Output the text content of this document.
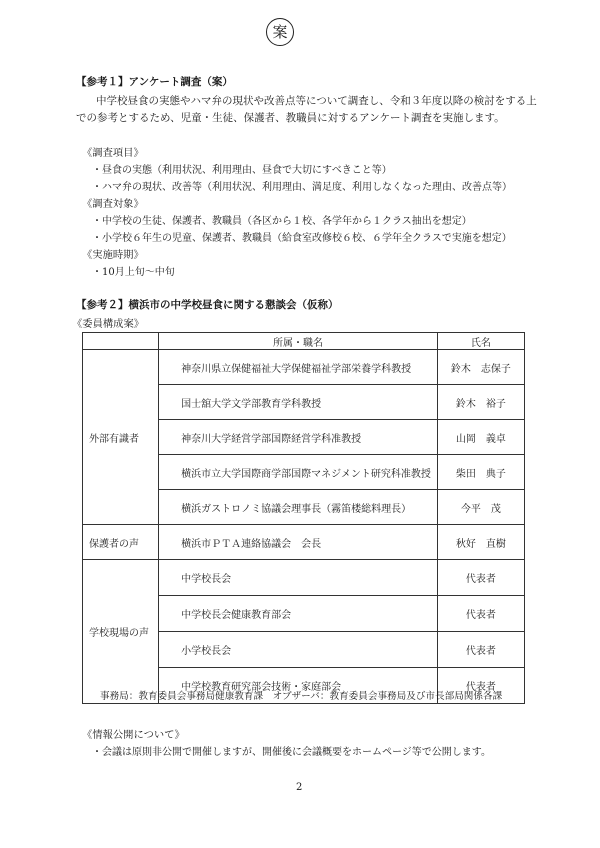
案
【参考１】アンケート調査（案）
中学校昼食の実態やハマ弁の現状や改善点等について調査し、令和３年度以降の検討をする上
での参考とするため、児童・生徒、保護者、教職員に対するアンケート調査を実施します。
《調査項目》
・昼食の実態（利用状況、利用理由、昼食で大切にすべきこと等）
・ハマ弁の現状、改善等（利用状況、利用理由、満足度、利用しなくなった理由、改善点等）
《調査対象》
・中学校の生徒、保護者、教職員（各区から１校、各学年から１クラス抽出を想定）
・小学校６年生の児童、保護者、教職員（給食室改修校６校、６学年全クラスで実施を想定）
《実施時期》
・10月上旬～中旬
【参考２】横浜市の中学校昼食に関する懇談会（仮称）
《委員構成案》
	所属・職名	氏名
外部有識者	神奈川県立保健福祉大学保健福祉学部栄養学科教授	鈴木　志保子
	国士舘大学文学部教育学科教授	鈴木　裕子
	神奈川大学経営学部国際経営学科准教授	山岡　義卓
	横浜市立大学国際商学部国際マネジメント研究科准教授	柴田　典子
	横浜ガストロノミ協議会理事長（霧笛楼総料理長）	今平　茂
保護者の声	横浜市ＰＴＡ連絡協議会　会長	秋好　直樹
学校現場の声	中学校長会	代表者
	中学校長会健康教育部会	代表者
	小学校長会	代表者
	中学校教育研究部会技術・家庭部会	代表者
事務局：教育委員会事務局健康教育課　オブザーバ：教育委員会事務局及び市長部局関係各課
《情報公開について》
・会議は原則非公開で開催しますが、開催後に会議概要をホームページ等で公開します。
2
